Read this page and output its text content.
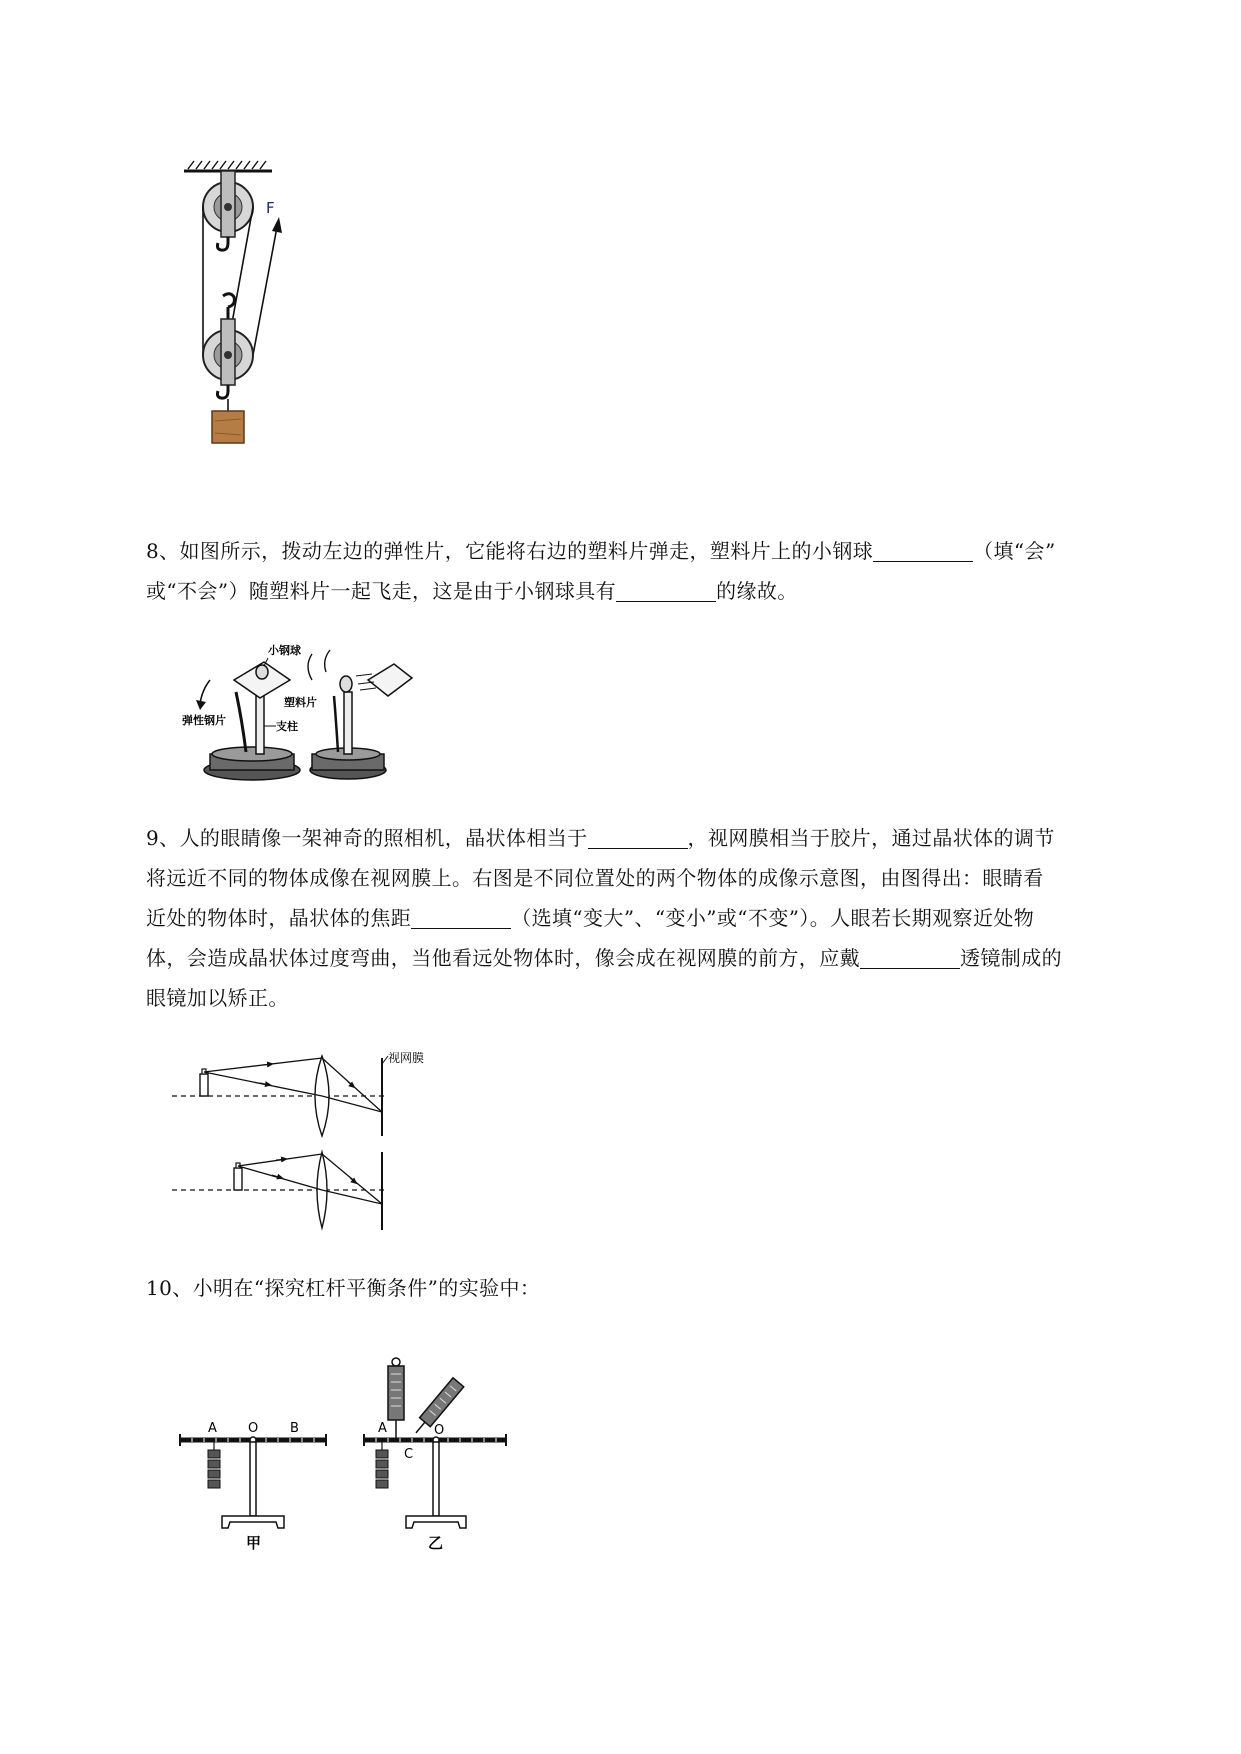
F
8、如图所示，拨动左边的弹性片，它能将右边的塑料片弹走，塑料片上的小钢球	（填“会”
或“不会”）随塑料片一起飞走，这是由于小钢球具有	的缘故。
小钢球
塑料片
弹性钢片	支柱
9、人的眼睛像一架神奇的照相机，晶状体相当于	，视网膜相当于胶片，通过晶状体的调节
将远近不同的物体成像在视网膜上。右图是不同位置处的两个物体的成像示意图，由图得出：眼睛看
近处的物体时，晶状体的焦距	（选填“变大”、“变小”或“不变”）。人眼若长期观察近处物
体，会造成晶状体过度弯曲，当他看远处物体时，像会成在视网膜的前方，应戴	透镜制成的
眼镜加以矫正。
视网膜
10、小明在“探究杠杆平衡条件”的实验中：
A O B
甲
A	O
C
乙
